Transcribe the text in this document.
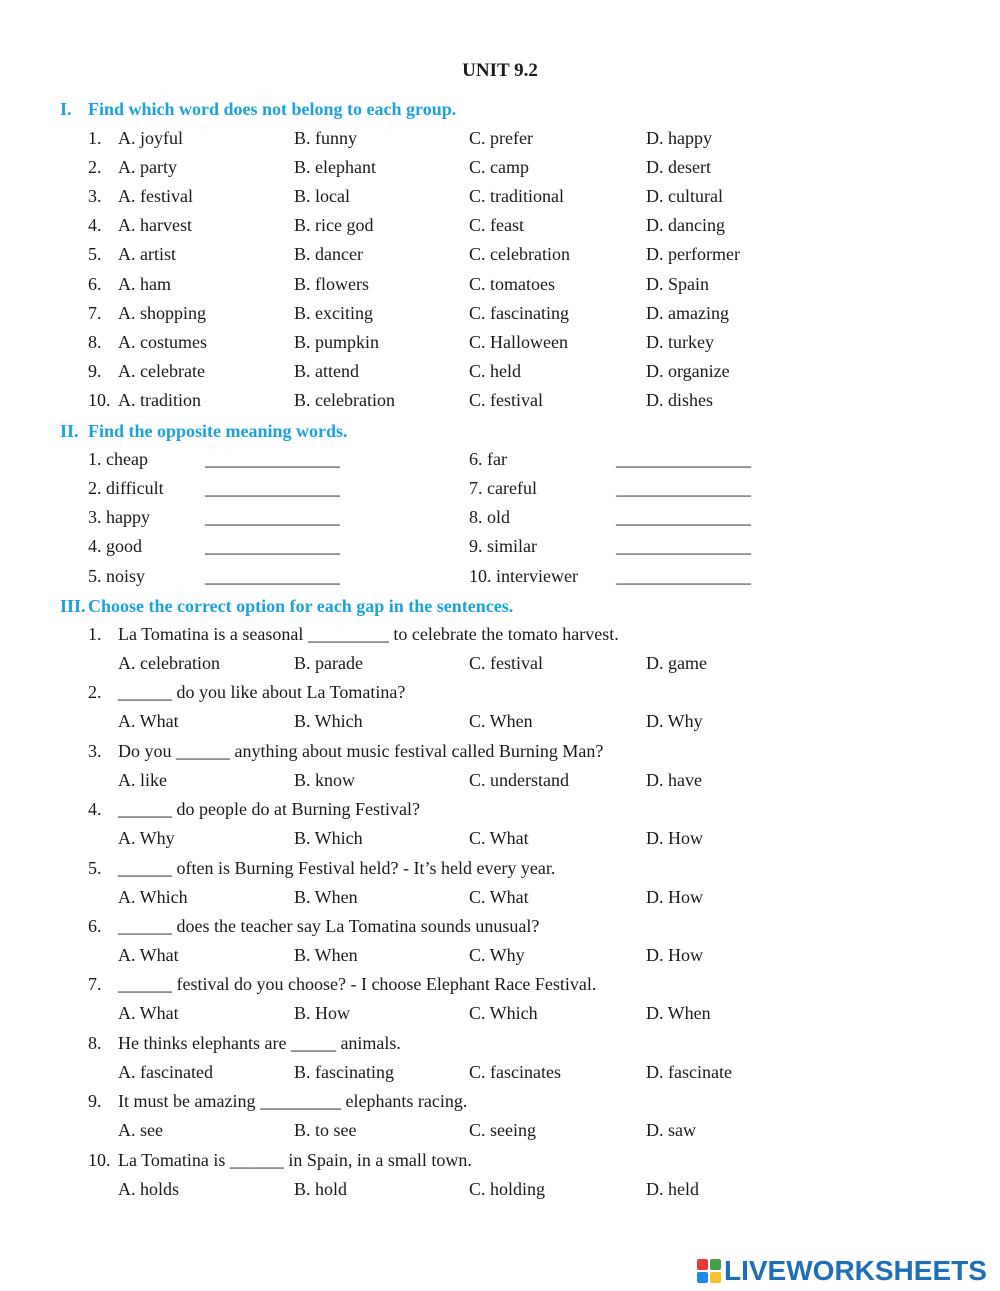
UNIT 9.2
I. Find which word does not belong to each group.
1. A. joyful	B. funny	C. prefer	D. happy
2. A. party	B. elephant	C. camp	D. desert
3. A. festival	B. local	C. traditional	D. cultural
4. A. harvest	B. rice god	C. feast	D. dancing
5. A. artist	B. dancer	C. celebration	D. performer
6. A. ham	B. flowers	C. tomatoes	D. Spain
7. A. shopping	B. exciting	C. fascinating	D. amazing
8. A. costumes	B. pumpkin	C. Halloween	D. turkey
9. A. celebrate	B. attend	C. held	D. organize
10. A. tradition	B. celebration	C. festival	D. dishes
II. Find the opposite meaning words.
1. cheap	_______________	6. far	_______________
2. difficult _______________	7. careful	_______________
3. happy	_______________	8. old	_______________
4. good	_______________	9. similar	_______________
5. noisy	_______________	10. interviewer _______________
III. Choose the correct option for each gap in the sentences.
1. La Tomatina is a seasonal _________ to celebrate the tomato harvest.
A. celebration	B. parade	C. festival	D. game
2. ______ do you like about La Tomatina?
A. What	B. Which	C. When	D. Why
3. Do you ______ anything about music festival called Burning Man?
A. like	B. know	C. understand	D. have
4. ______ do people do at Burning Festival?
A. Why	B. Which	C. What	D. How
5. ______ often is Burning Festival held? - It’s held every year.
A. Which	B. When	C. What	D. How
6. ______ does the teacher say La Tomatina sounds unusual?
A. What	B. When	C. Why	D. How
7. ______ festival do you choose? - I choose Elephant Race Festival.
A. What	B. How	C. Which	D. When
8. He thinks elephants are _____ animals.
A. fascinated	B. fascinating	C. fascinates	D. fascinate
9. It must be amazing _________ elephants racing.
A. see	B. to see	C. seeing	D. saw
10. La Tomatina is ______ in Spain, in a small town.
A. holds	B. hold	C. holding	D. held
LIVEWORKSHEETS
